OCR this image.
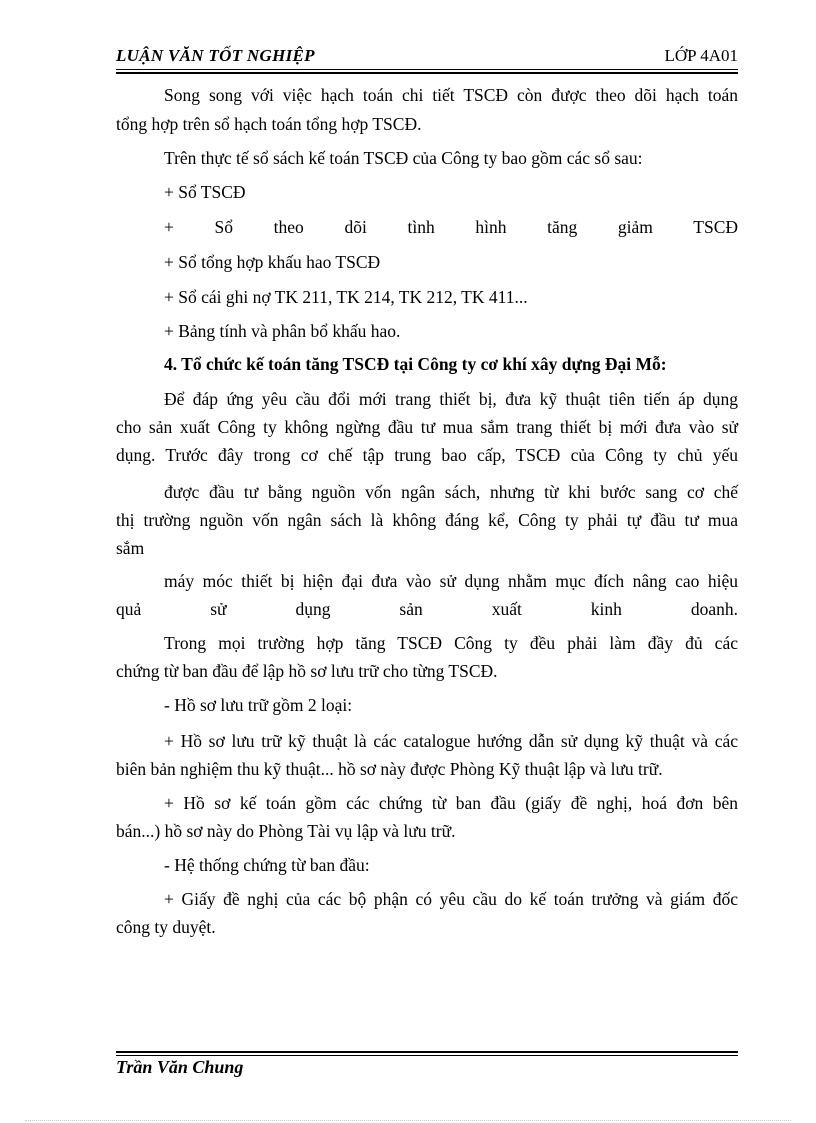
LUẬN VĂN TỐT NGHIỆP	LỚP 4A01
Song song với việc hạch toán chi tiết TSCĐ còn được theo dõi hạch toán
tổng hợp trên sổ hạch toán tổng hợp TSCĐ.
Trên thực tế sổ sách kế toán TSCĐ của Công ty bao gồm các sổ sau:
+ Sổ TSCĐ
+ Sổ theo dõi tình hình tăng giảm TSCĐ
+ Sổ tổng hợp khấu hao TSCĐ
+ Sổ cái ghi nợ TK 211, TK 214, TK 212, TK 411...
+ Bảng tính và phân bổ khấu hao.
4. Tổ chức kế toán tăng TSCĐ tại Công ty cơ khí xây dựng Đại Mỗ:
Để đáp ứng yêu cầu đổi mới trang thiết bị, đưa kỹ thuật tiên tiến áp dụng
cho sản xuất Công ty không ngừng đầu tư mua sắm trang thiết bị mới đưa vào sử
dụng. Trước đây trong cơ chế tập trung bao cấp, TSCĐ của Công ty chủ yếu
được đầu tư bằng nguồn vốn ngân sách, nhưng từ khi bước sang cơ chế
thị trường nguồn vốn ngân sách là không đáng kể, Công ty phải tự đầu tư mua
sắm
máy móc thiết bị hiện đại đưa vào sử dụng nhằm mục đích nâng cao hiệu
quả sử dụng sản xuất kinh doanh.
Trong mọi trường hợp tăng TSCĐ Công ty đều phải làm đầy đủ các
chứng từ ban đầu để lập hồ sơ lưu trữ cho từng TSCĐ.
- Hồ sơ lưu trữ gồm 2 loại:
+ Hồ sơ lưu trữ kỹ thuật là các catalogue hướng dẫn sử dụng kỹ thuật và các
biên bản nghiệm thu kỹ thuật... hồ sơ này được Phòng Kỹ thuật lập và lưu trữ.
+ Hồ sơ kế toán gồm các chứng từ ban đầu (giấy đề nghị, hoá đơn bên
bán...) hồ sơ này do Phòng Tài vụ lập và lưu trữ.
- Hệ thống chứng từ ban đầu:
+ Giấy đề nghị của các bộ phận có yêu cầu do kế toán trưởng và giám đốc
công ty duyệt.
Trần Văn Chung
